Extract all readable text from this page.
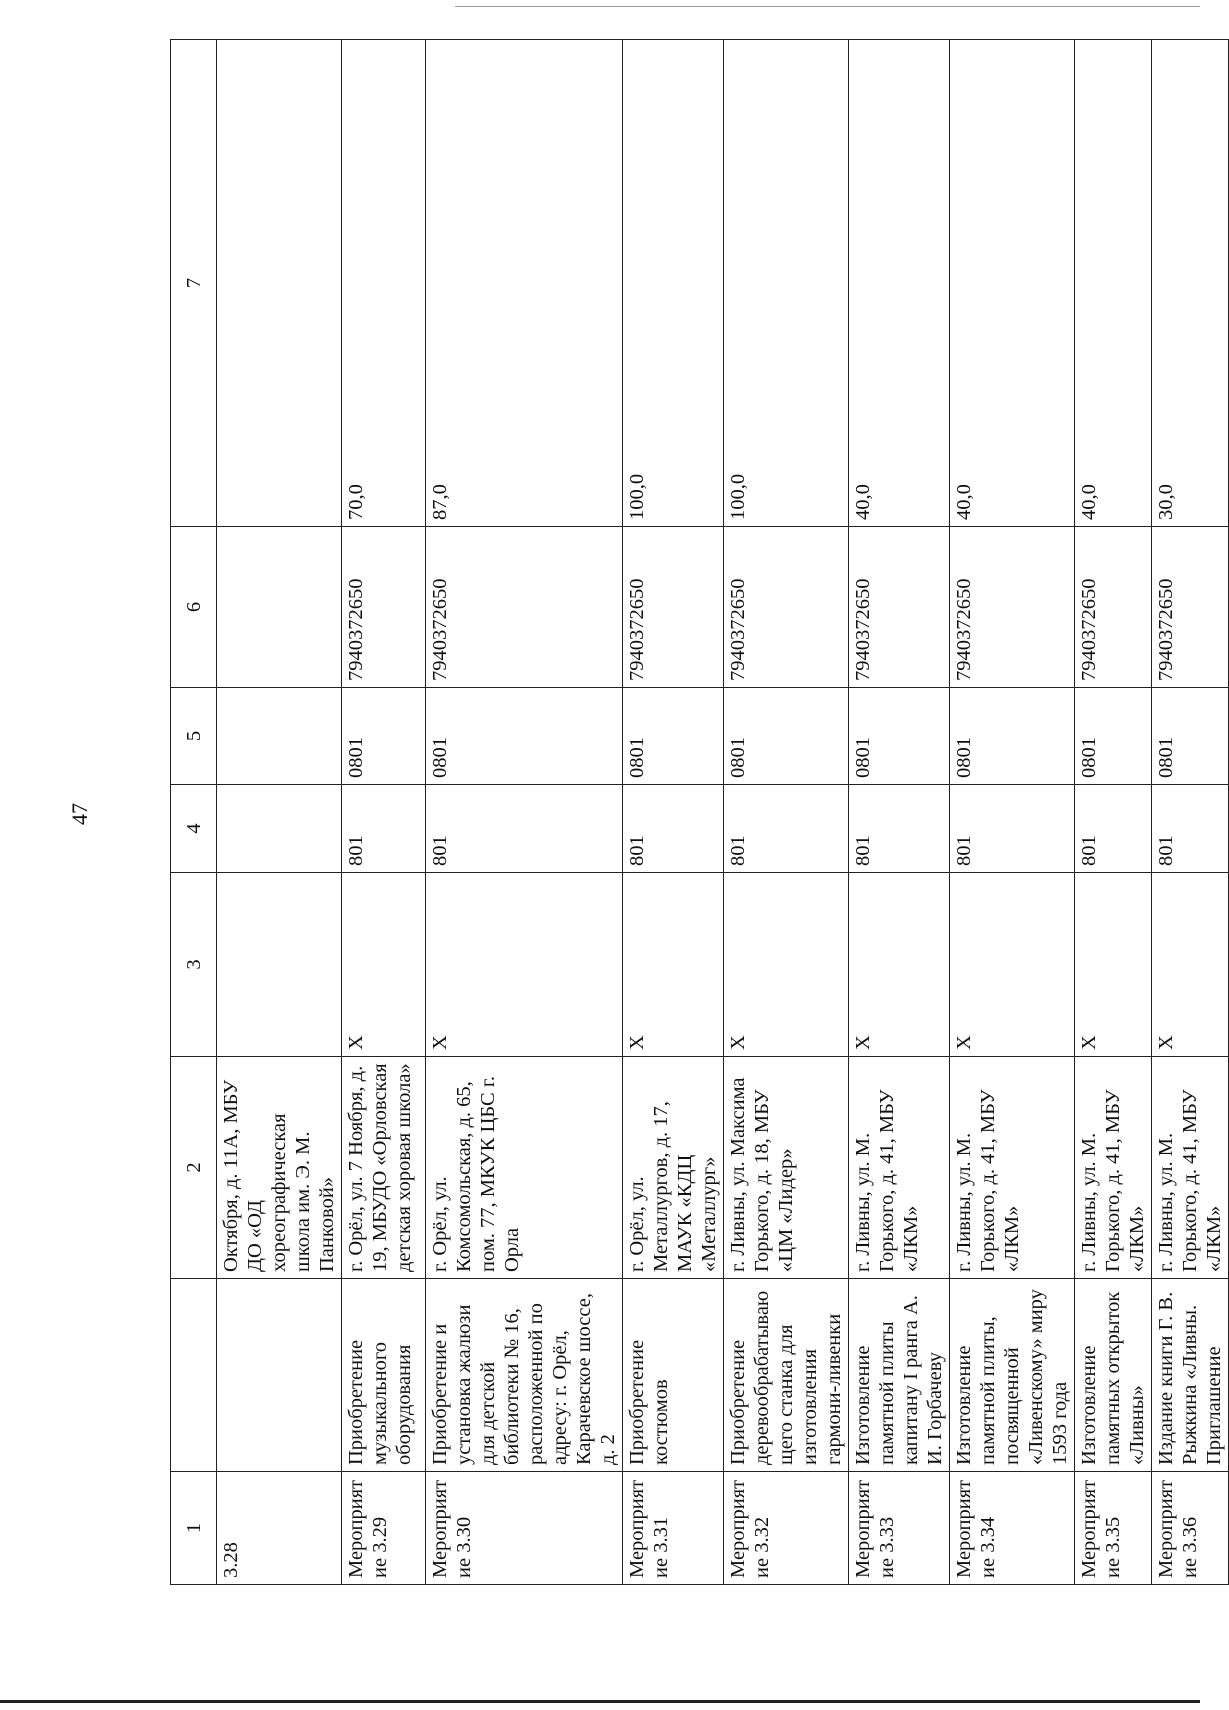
47
1		2	3	4	5	6	7
3.28		Октября, д. 11А, МБУ ДО «ОД хореографическая школа им. Э. М. Панковой»					
Мероприятие 3.29	Приобретение музыкального оборудования	г. Орёл, ул. 7 Ноября, д. 19, МБУДО «Орловская детская хоровая школа»	X	801	0801	7940372650	70,0
Мероприятие 3.30	Приобретение и установка жалюзи для детской библиотеки № 16, расположенной по адресу: г. Орёл, Карачевское шоссе, д. 2	г. Орёл, ул. Комсомольская, д. 65, пом. 77, МКУК ЦБС г. Орла	X	801	0801	7940372650	87,0
Мероприятие 3.31	Приобретение костюмов	г. Орёл, ул. Металлургов, д. 17, МАУК «КДЦ «Металлург»	X	801	0801	7940372650	100,0
Мероприятие 3.32	Приобретение деревообрабатывающего станка для изготовления гармони-ливенки	г. Ливны, ул. Максима Горького, д. 18, МБУ «ЦМ «Лидер»	X	801	0801	7940372650	100,0
Мероприятие 3.33	Изготовление памятной плиты капитану I ранга А. И. Горбачеву	г. Ливны, ул. М. Горького, д. 41, МБУ «ЛКМ»	X	801	0801	7940372650	40,0
Мероприятие 3.34	Изготовление памятной плиты, посвященной «Ливенскому» миру 1593 года	г. Ливны, ул. М. Горького, д. 41, МБУ «ЛКМ»	X	801	0801	7940372650	40,0
Мероприятие 3.35	Изготовление памятных открыток «Ливны»	г. Ливны, ул. М. Горького, д. 41, МБУ «ЛКМ»	X	801	0801	7940372650	40,0
Мероприятие 3.36	Издание книги Г. В. Рыжкина «Ливны. Приглашение	г. Ливны, ул. М. Горького, д. 41, МБУ «ЛКМ»	X	801	0801	7940372650	30,0
